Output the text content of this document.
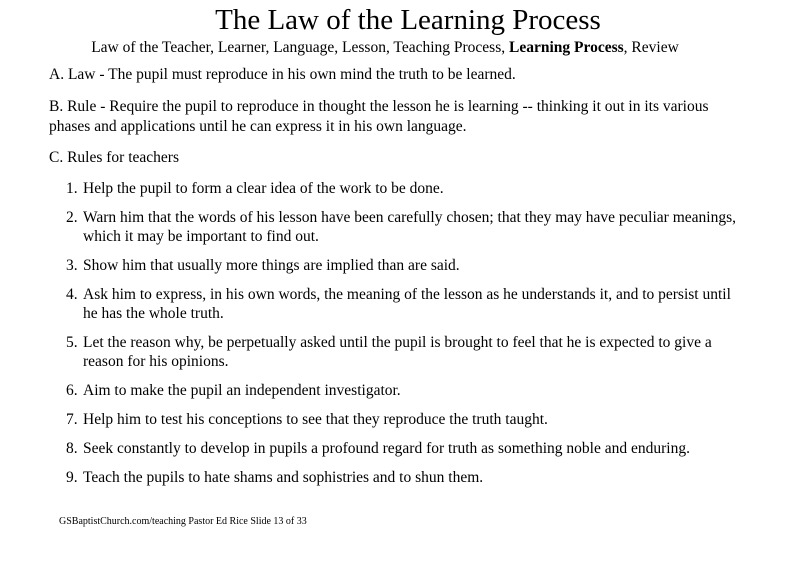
The Law of the Learning Process
Law of the Teacher, Learner, Language, Lesson, Teaching Process, Learning Process, Review
A. Law - The pupil must reproduce in his own mind the truth to be learned.
B. Rule - Require the pupil to reproduce in thought the lesson he is learning -- thinking it out in its various phases and applications until he can express it in his own language.
C. Rules for teachers
1. Help the pupil to form a clear idea of the work to be done.
2. Warn him that the words of his lesson have been carefully chosen; that they may have peculiar meanings, which it may be important to find out.
3. Show him that usually more things are implied than are said.
4. Ask him to express, in his own words, the meaning of the lesson as he understands it, and to persist until he has the whole truth.
5. Let the reason why, be perpetually asked until the pupil is brought to feel that he is expected to give a reason for his opinions.
6. Aim to make the pupil an independent investigator.
7. Help him to test his conceptions to see that they reproduce the truth taught.
8. Seek constantly to develop in pupils a profound regard for truth as something noble and enduring.
9. Teach the pupils to hate shams and sophistries and to shun them.
GSBaptistChurch.com/teaching Pastor Ed Rice Slide 13 of 33
